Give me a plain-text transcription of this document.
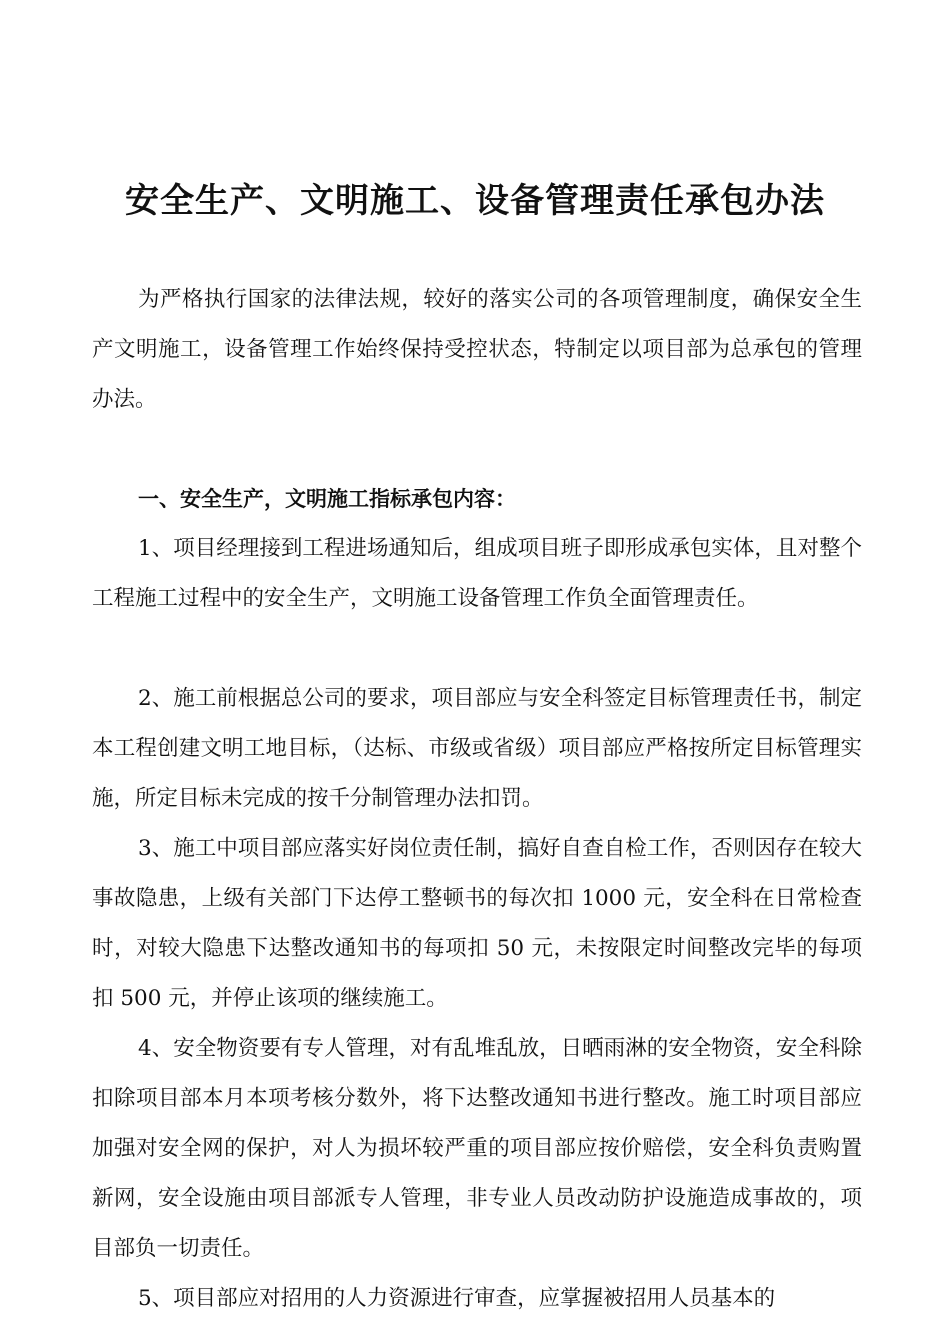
安全生产、文明施工、设备管理责任承包办法

为严格执行国家的法律法规，较好的落实公司的各项管理制度，确保安全生产文明施工，设备管理工作始终保持受控状态，特制定以项目部为总承包的管理办法。

一、安全生产，文明施工指标承包内容：

1、项目经理接到工程进场通知后，组成项目班子即形成承包实体，且对整个工程施工过程中的安全生产，文明施工设备管理工作负全面管理责任。

2、施工前根据总公司的要求，项目部应与安全科签定目标管理责任书，制定本工程创建文明工地目标，（达标、市级或省级）项目部应严格按所定目标管理实施，所定目标未完成的按千分制管理办法扣罚。

3、施工中项目部应落实好岗位责任制，搞好自查自检工作，否则因存在较大事故隐患，上级有关部门下达停工整顿书的每次扣 1000 元，安全科在日常检查时，对较大隐患下达整改通知书的每项扣 50 元，未按限定时间整改完毕的每项扣 500 元，并停止该项的继续施工。

4、安全物资要有专人管理，对有乱堆乱放，日晒雨淋的安全物资，安全科除扣除项目部本月本项考核分数外，将下达整改通知书进行整改。施工时项目部应加强对安全网的保护，对人为损坏较严重的项目部应按价赔偿，安全科负责购置新网，安全设施由项目部派专人管理，非专业人员改动防护设施造成事故的，项目部负一切责任。

5、项目部应对招用的人力资源进行审查，应掌握被招用人员基本的
